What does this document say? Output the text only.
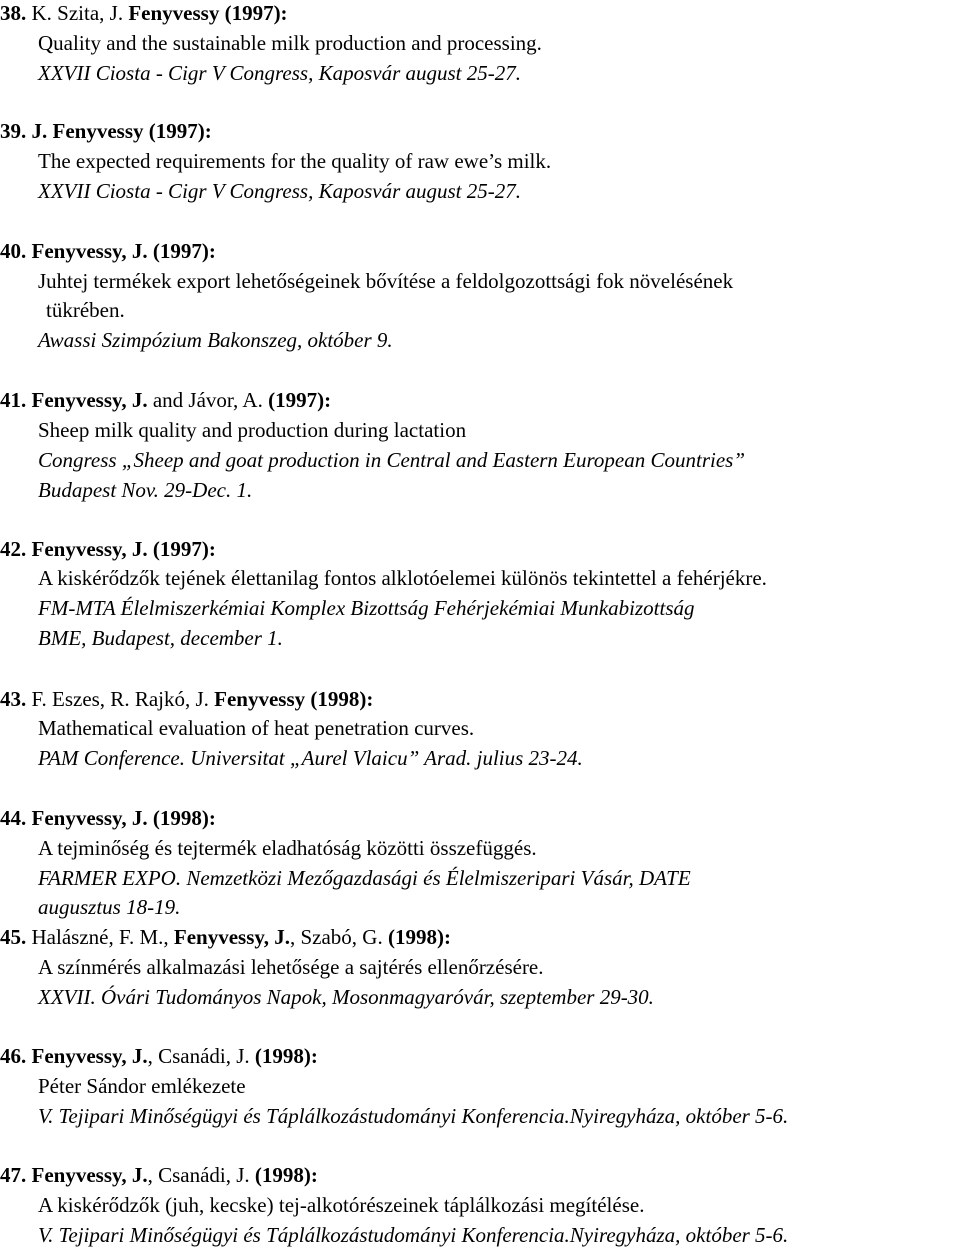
38. K. Szita, J. Fenyvessy (1997):
Quality and the sustainable milk production and processing.
XXVII Ciosta - Cigr V Congress, Kaposvár august 25-27.
39. J. Fenyvessy (1997):
The expected requirements for the quality of raw ewe’s milk.
XXVII Ciosta - Cigr V Congress, Kaposvár august 25-27.
40. Fenyvessy, J. (1997):
Juhtej termékek export lehetőségeinek bővítése a feldolgozottsági fok növelésének
tükrében.
Awassi Szimpózium Bakonszeg, október 9.
41. Fenyvessy, J. and Jávor, A. (1997):
Sheep milk quality and production during lactation
Congress „Sheep and goat production in Central and Eastern European Countries”
Budapest Nov. 29-Dec. 1.
42. Fenyvessy, J. (1997):
A kiskérődzők tejének élettanilag fontos alklotóelemei különös tekintettel a fehérjékre.
FM-MTA Élelmiszerkémiai Komplex Bizottság Fehérjekémiai Munkabizottság
BME, Budapest, december 1.
43. F. Eszes, R. Rajkó, J. Fenyvessy (1998):
Mathematical evaluation of heat penetration curves.
PAM Conference. Universitat „Aurel Vlaicu” Arad. julius 23-24.
44. Fenyvessy, J. (1998):
A tejminőség és tejtermék eladhatóság közötti összefüggés.
FARMER EXPO. Nemzetközi Mezőgazdasági és Élelmiszeripari Vásár, DATE
augusztus 18-19.
45. Halászné, F. M., Fenyvessy, J., Szabó, G. (1998):
A színmérés alkalmazási lehetősége a sajtérés ellenőrzésére.
XXVII. Óvári Tudományos Napok, Mosonmagyaróvár, szeptember 29-30.
46. Fenyvessy, J., Csanádi, J. (1998):
Péter Sándor emlékezete
V. Tejipari Minőségügyi és Táplálkozástudományi Konferencia.Nyiregyháza, október 5-6.
47. Fenyvessy, J., Csanádi, J. (1998):
A kiskérődzők (juh, kecske) tej-alkotórészeinek táplálkozási megítélése.
V. Tejipari Minőségügyi és Táplálkozástudományi Konferencia.Nyiregyháza, október 5-6.
